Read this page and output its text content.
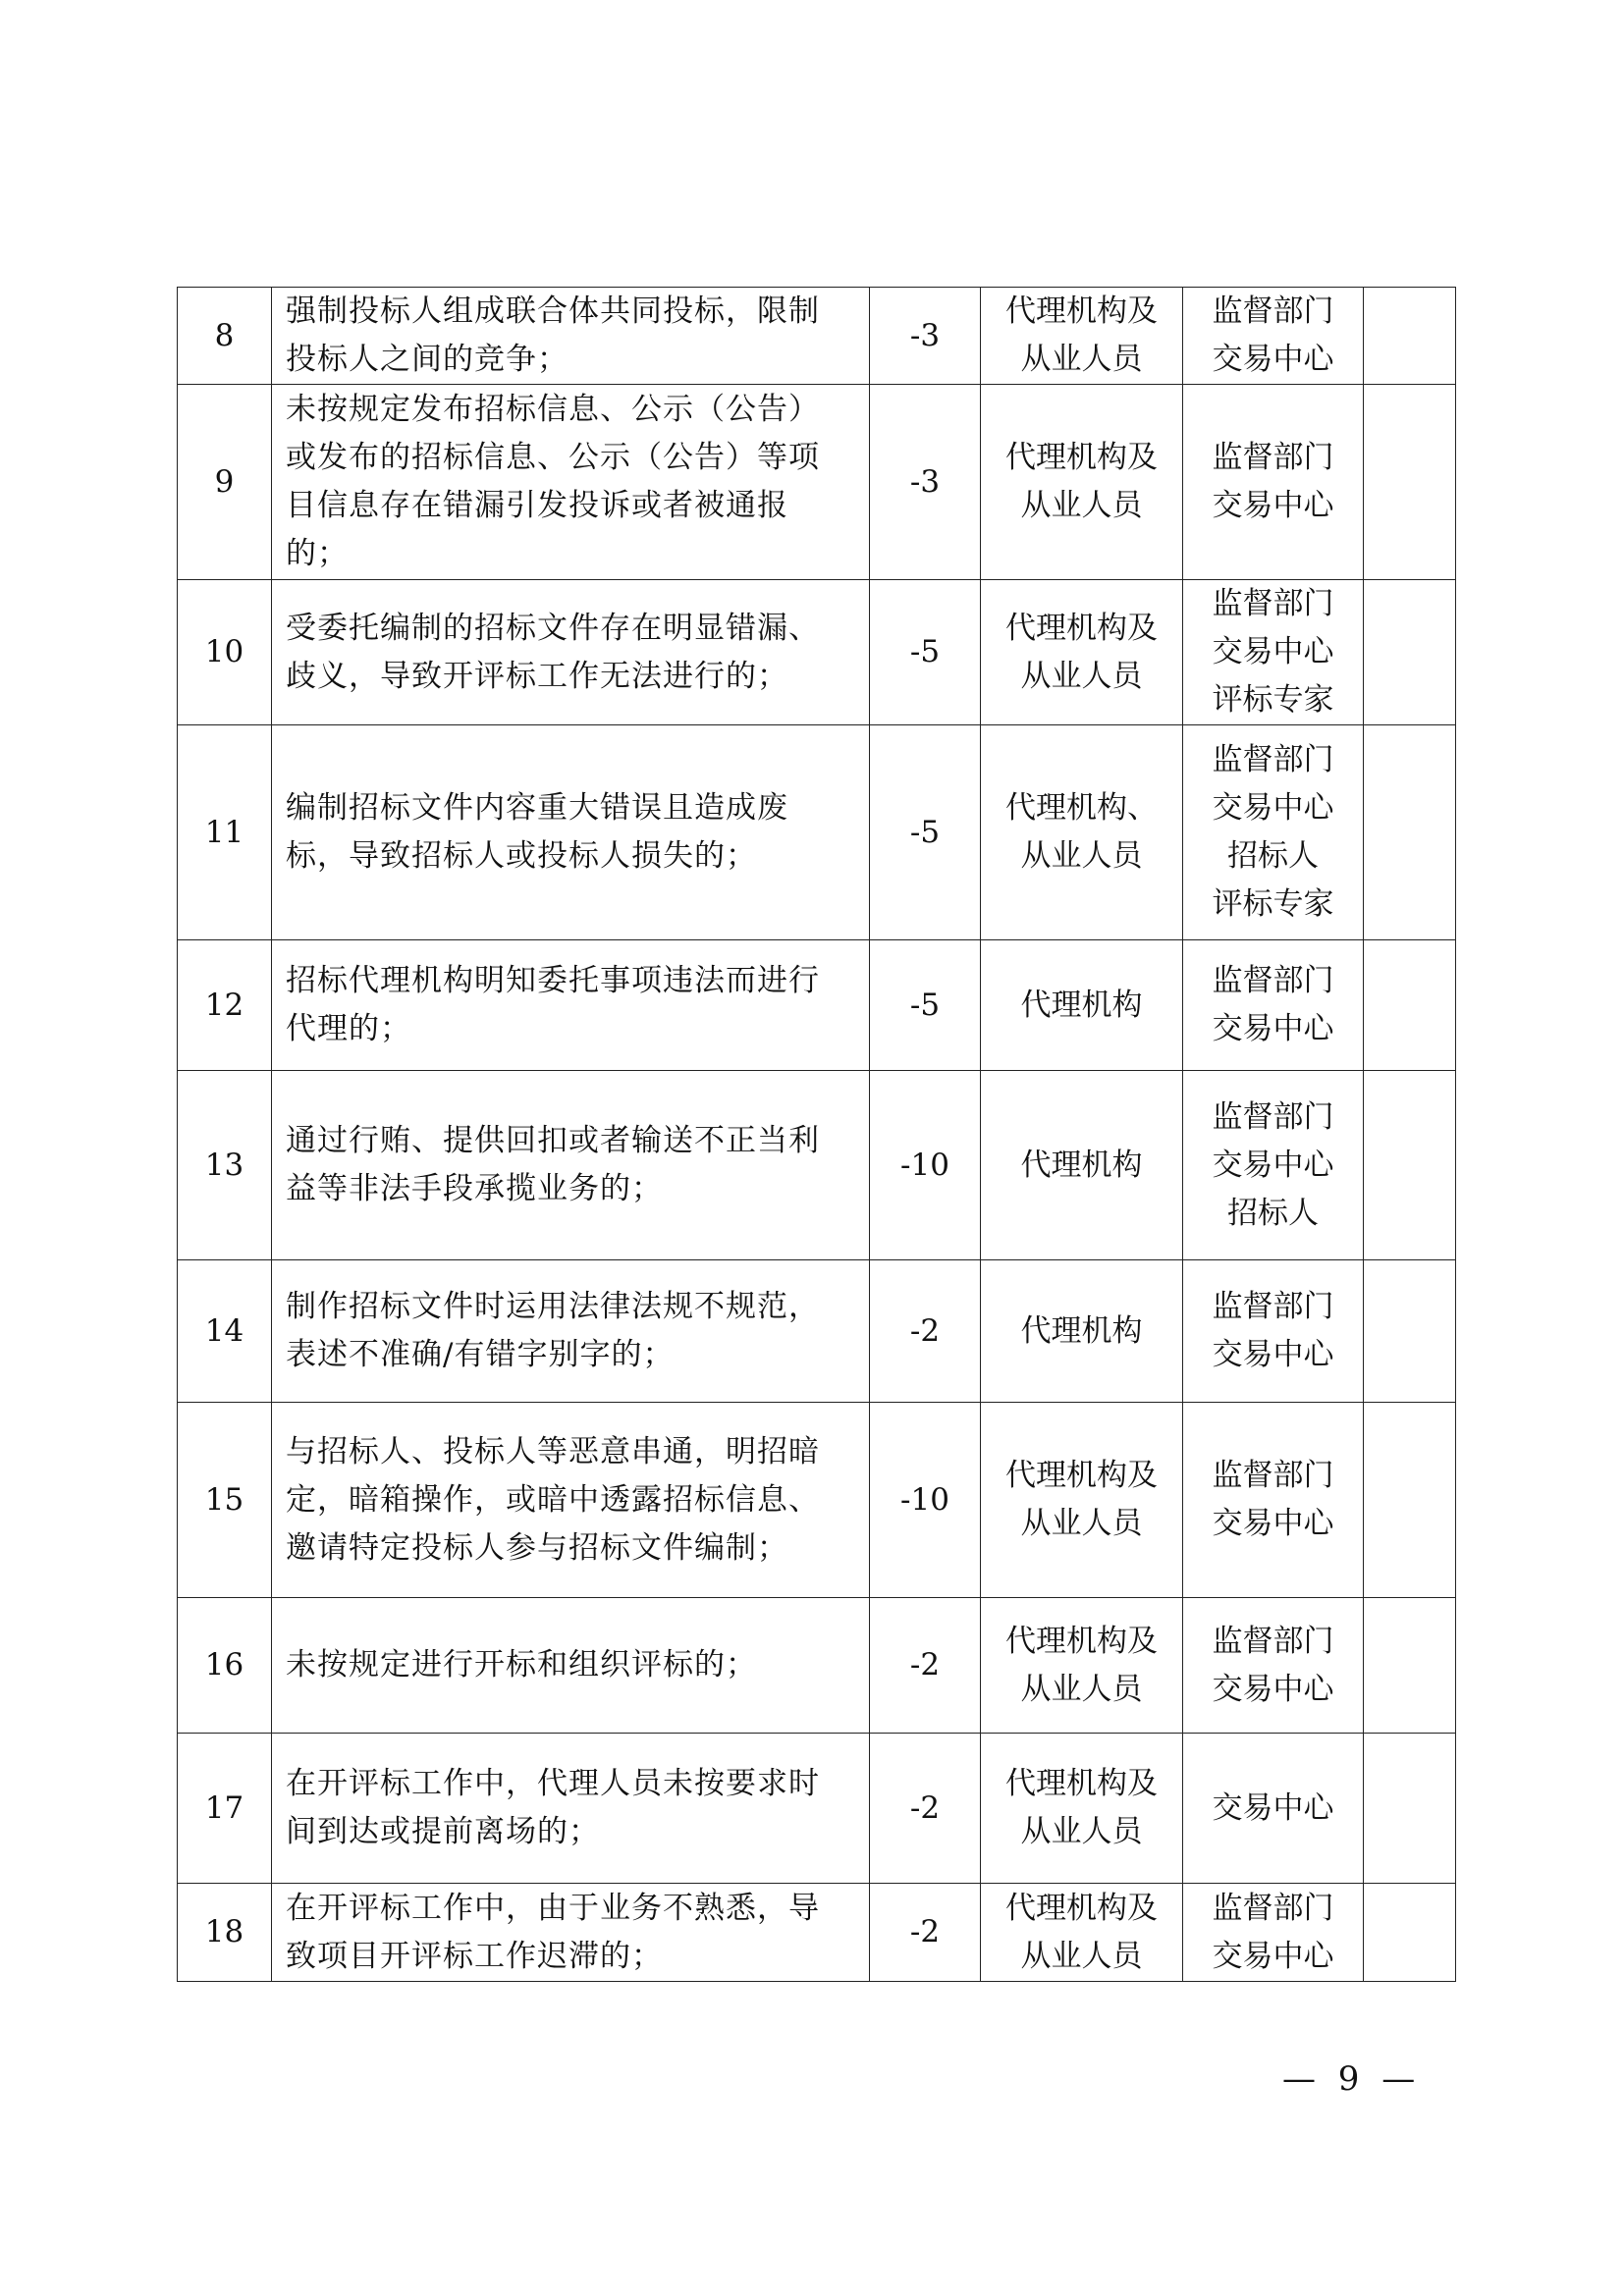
8	强制投标人组成联合体共同投标，限制
投标人之间的竞争；	-3	代理机构及
从业人员	监督部门
交易中心	

9	未按规定发布招标信息、公示（公告）
或发布的招标信息、公示（公告）等项
目信息存在错漏引发投诉或者被通报
的；	-3	代理机构及
从业人员	监督部门
交易中心	

10	受委托编制的招标文件存在明显错漏、
歧义，导致开评标工作无法进行的；	-5	代理机构及
从业人员	监督部门
交易中心
评标专家	

11	编制招标文件内容重大错误且造成废
标，导致招标人或投标人损失的；	-5	代理机构、
从业人员	监督部门
交易中心
招标人
评标专家	

12	招标代理机构明知委托事项违法而进行
代理的；	-5	代理机构	监督部门
交易中心	

13	通过行贿、提供回扣或者输送不正当利
益等非法手段承揽业务的；	-10	代理机构	监督部门
交易中心
招标人	

14	制作招标文件时运用法律法规不规范，
表述不准确/有错字别字的；	-2	代理机构	监督部门
交易中心	

15	与招标人、投标人等恶意串通，明招暗
定，暗箱操作，或暗中透露招标信息、
邀请特定投标人参与招标文件编制；	-10	代理机构及
从业人员	监督部门
交易中心	

16	未按规定进行开标和组织评标的；	-2	代理机构及
从业人员	监督部门
交易中心	

17	在开评标工作中，代理人员未按要求时
间到达或提前离场的；	-2	代理机构及
从业人员	交易中心	

18	在开评标工作中，由于业务不熟悉，导
致项目开评标工作迟滞的；	-2	代理机构及
从业人员	监督部门
交易中心	

— 9 —
